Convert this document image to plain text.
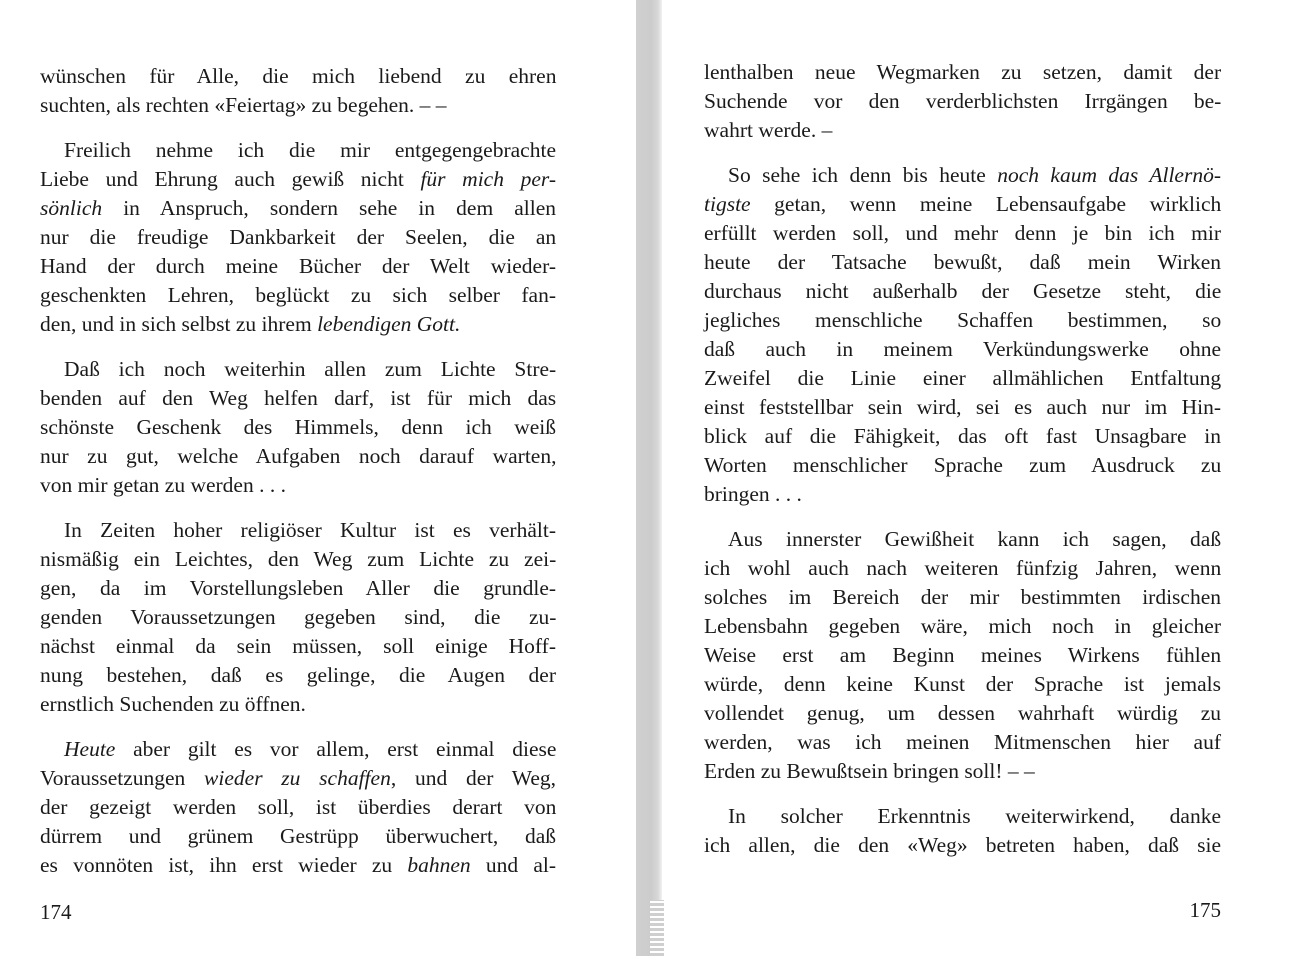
174
wünschen für Alle, die mich liebend zu ehren
suchten, als rechten «Feiertag» zu begehen. – –
Freilich nehme ich die mir entgegengebrachte
Liebe und Ehrung auch gewiß nicht für mich per-
sönlich in Anspruch, sondern sehe in dem allen
nur die freudige Dankbarkeit der Seelen, die an
Hand der durch meine Bücher der Welt wieder-
geschenkten Lehren, beglückt zu sich selber fan-
den, und in sich selbst zu ihrem lebendigen Gott.
Daß ich noch weiterhin allen zum Lichte Stre-
benden auf den Weg helfen darf, ist für mich das
schönste Geschenk des Himmels, denn ich weiß
nur zu gut, welche Aufgaben noch darauf warten,
von mir getan zu werden . . .
In Zeiten hoher religiöser Kultur ist es verhält-
nismäßig ein Leichtes, den Weg zum Lichte zu zei-
gen, da im Vorstellungsleben Aller die grundle-
genden Voraussetzungen gegeben sind, die zu-
nächst einmal da sein müssen, soll einige Hoff-
nung bestehen, daß es gelinge, die Augen der
ernstlich Suchenden zu öffnen.
Heute aber gilt es vor allem, erst einmal diese
Voraussetzungen wieder zu schaffen, und der Weg,
der gezeigt werden soll, ist überdies derart von
dürrem und grünem Gestrüpp überwuchert, daß
es vonnöten ist, ihn erst wieder zu bahnen und al-
175
lenthalben neue Wegmarken zu setzen, damit der
Suchende vor den verderblichsten Irrgängen be-
wahrt werde. –
So sehe ich denn bis heute noch kaum das Allernö-
tigste getan, wenn meine Lebensaufgabe wirklich
erfüllt werden soll, und mehr denn je bin ich mir
heute der Tatsache bewußt, daß mein Wirken
durchaus nicht außerhalb der Gesetze steht, die
jegliches menschliche Schaffen bestimmen, so
daß auch in meinem Verkündungswerke ohne
Zweifel die Linie einer allmählichen Entfaltung
einst feststellbar sein wird, sei es auch nur im Hin-
blick auf die Fähigkeit, das oft fast Unsagbare in
Worten menschlicher Sprache zum Ausdruck zu
bringen . . .
Aus innerster Gewißheit kann ich sagen, daß
ich wohl auch nach weiteren fünfzig Jahren, wenn
solches im Bereich der mir bestimmten irdischen
Lebensbahn gegeben wäre, mich noch in gleicher
Weise erst am Beginn meines Wirkens fühlen
würde, denn keine Kunst der Sprache ist jemals
vollendet genug, um dessen wahrhaft würdig zu
werden, was ich meinen Mitmenschen hier auf
Erden zu Bewußtsein bringen soll! – –
In solcher Erkenntnis weiterwirkend, danke
ich allen, die den «Weg» betreten haben, daß sie
